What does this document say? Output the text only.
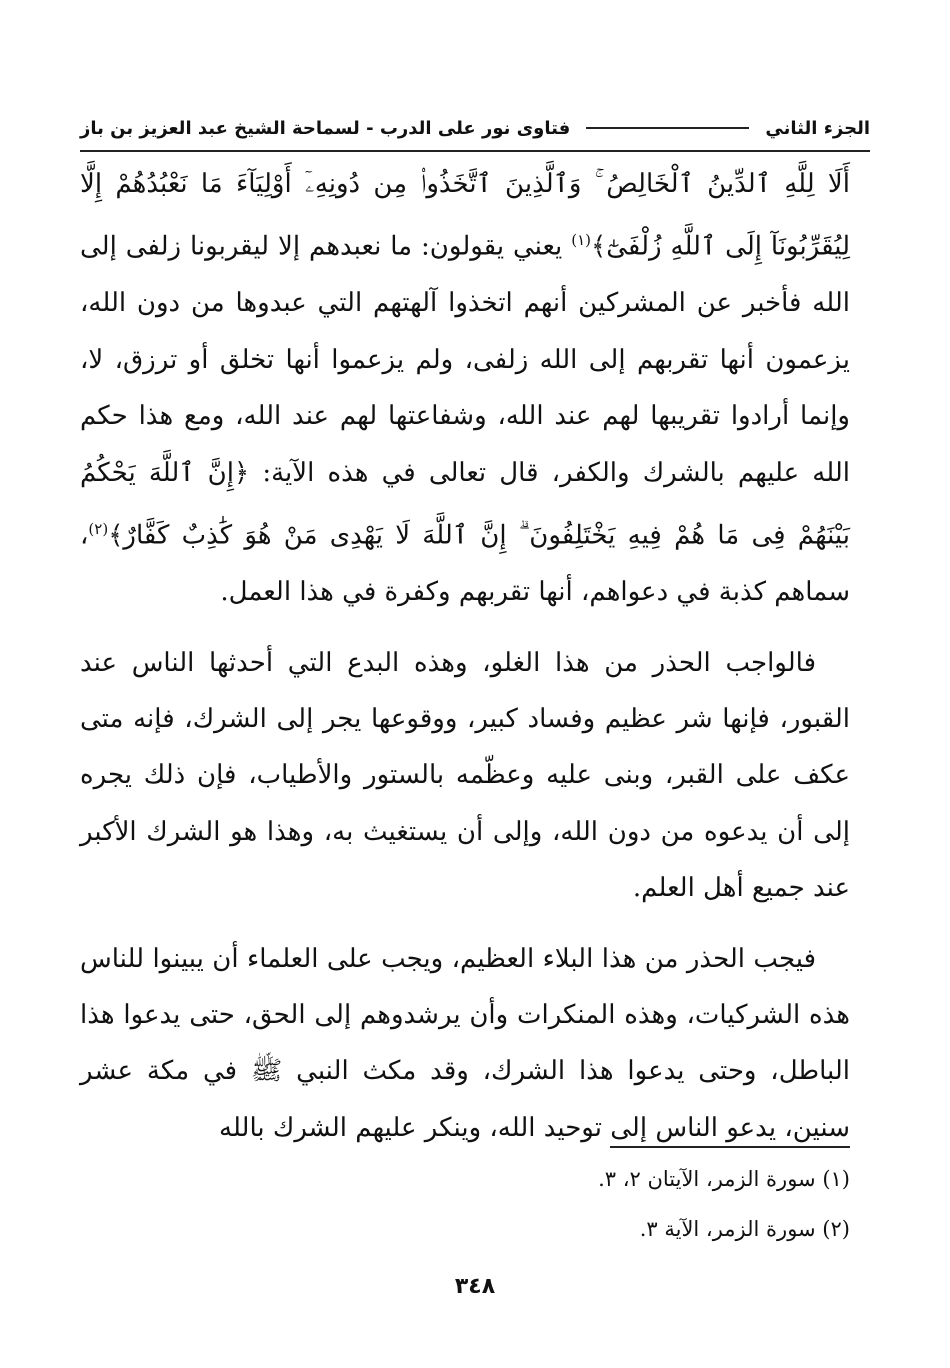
الجزء الثاني
فتاوى نور على الدرب - لسماحة الشيخ عبد العزيز بن باز

أَلَا لِلَّهِ ٱلدِّينُ ٱلْخَالِصُ ۚ وَٱلَّذِينَ ٱتَّخَذُوا۟ مِن دُونِهِۦٓ أَوْلِيَآءَ مَا نَعْبُدُهُمْ إِلَّا لِيُقَرِّبُونَآ إِلَى ٱللَّهِ زُلْفَىٰٓ﴾$^{(١)}$ يعني يقولون: ما نعبدهم إلا ليقربونا زلفى إلى الله فأخبر عن المشركين أنهم اتخذوا آلهتهم التي عبدوها من دون الله، يزعمون أنها تقربهم إلى الله زلفى، ولم يزعموا أنها تخلق أو ترزق، لا، وإنما أرادوا تقريبها لهم عند الله، وشفاعتها لهم عند الله، ومع هذا حكم الله عليهم بالشرك والكفر، قال تعالى في هذه الآية: ﴿إِنَّ ٱللَّهَ يَحْكُمُ بَيْنَهُمْ فِى مَا هُمْ فِيهِ يَخْتَلِفُونَ ۗ إِنَّ ٱللَّهَ لَا يَهْدِى مَنْ هُوَ كَٰذِبٌ كَفَّارٌ﴾$^{(٢)}$، سماهم كذبة في دعواهم، أنها تقربهم وكفرة في هذا العمل.

فالواجب الحذر من هذا الغلو، وهذه البدع التي أحدثها الناس عند القبور، فإنها شر عظيم وفساد كبير، ووقوعها يجر إلى الشرك، فإنه متى عكف على القبر، وبنى عليه وعظّمه بالستور والأطياب، فإن ذلك يجره إلى أن يدعوه من دون الله، وإلى أن يستغيث به، وهذا هو الشرك الأكبر عند جميع أهل العلم.

فيجب الحذر من هذا البلاء العظيم، ويجب على العلماء أن يبينوا للناس هذه الشركيات، وهذه المنكرات وأن يرشدوهم إلى الحق، حتى يدعوا هذا الباطل، وحتى يدعوا هذا الشرك، وقد مكث النبي ﷺ في مكة عشر سنين، يدعو الناس إلى توحيد الله، وينكر عليهم الشرك بالله

(١) سورة الزمر، الآيتان ٢، ٣.
(٢) سورة الزمر، الآية ٣.
٣٤٨
